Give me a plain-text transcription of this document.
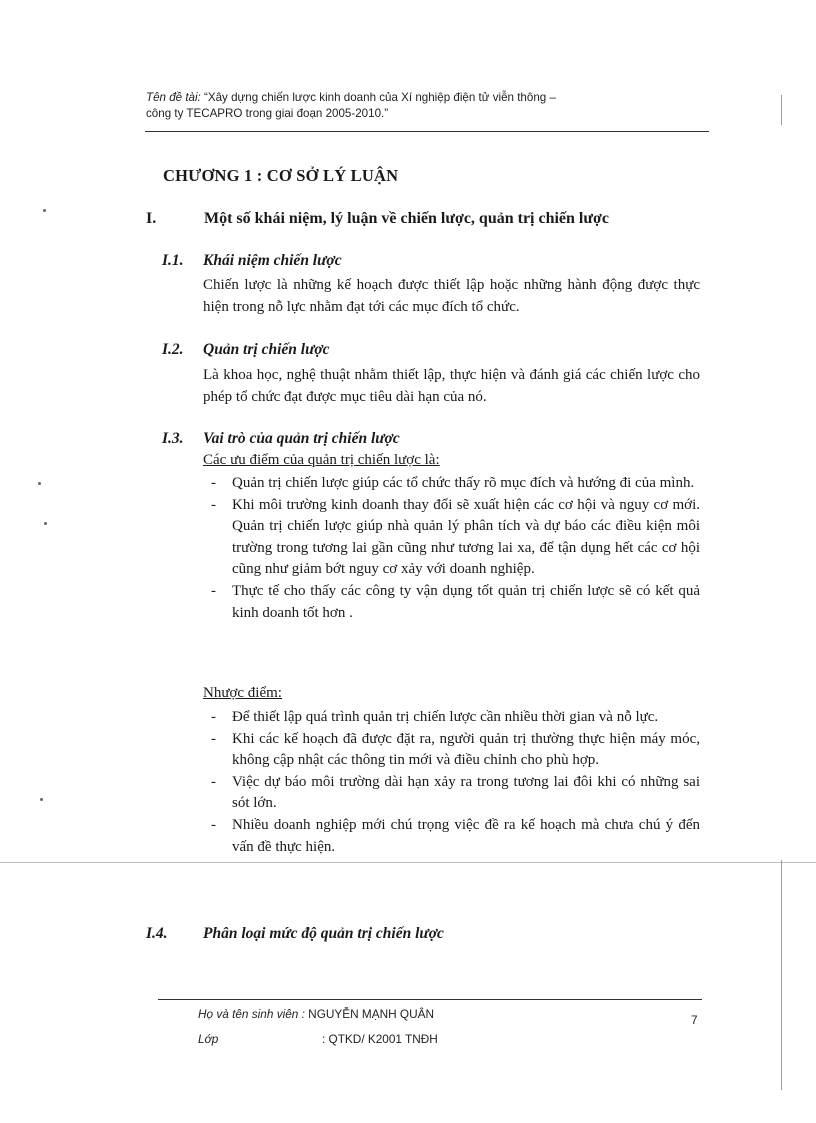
Tên đề tài: “Xây dựng chiến lược kinh doanh của Xí nghiệp điện tử viễn thông –
công ty TECAPRO trong giai đoạn 2005-2010.”
CHƯƠNG 1 : CƠ SỞ LÝ LUẬN
I.	Một số khái niệm, lý luận về chiến lược, quản trị chiến lược
I.1. Khái niệm chiến lược

Chiến lược là những kế hoạch được thiết lập hoặc những hành động được thực hiện trong nỗ lực nhằm đạt tới các mục đích tổ chức.

I.2. Quản trị chiến lược

Là khoa học, nghệ thuật nhằm thiết lập, thực hiện và đánh giá các chiến lược cho phép tổ chức đạt được mục tiêu dài hạn của nó.

I.3. Vai trò của quản trị chiến lược
Các ưu điểm của quản trị chiến lược là:
- Quản trị chiến lược giúp các tổ chức thấy rõ mục đích và hướng đi của mình.
- Khi môi trường kinh doanh thay đổi sẽ xuất hiện các cơ hội và nguy cơ mới. Quản trị chiến lược giúp nhà quản lý phân tích và dự báo các điều kiện môi trường trong tương lai gần cũng như tương lai xa, để tận dụng hết các cơ hội cũng như giảm bớt nguy cơ xảy với doanh nghiệp.
- Thực tế cho thấy các công ty vận dụng tốt quản trị chiến lược sẽ có kết quả kinh doanh tốt hơn .
Nhược điểm:
- Để thiết lập quá trình quản trị chiến lược cần nhiều thời gian và nỗ lực.
- Khi các kế hoạch đã được đặt ra, người quản trị thường thực hiện máy móc, không cập nhật các thông tin mới và điều chỉnh cho phù hợp.
- Việc dự báo môi trường dài hạn xảy ra trong tương lai đôi khi có những sai sót lớn.
- Nhiều doanh nghiệp mới chú trọng việc đề ra kế hoạch mà chưa chú ý đến vấn đề thực hiện.
I.4. Phân loại mức độ quản trị chiến lược
Họ và tên sinh viên : NGUYỄN MẠNH QUÂN
Lớp	: QTKD/ K2001 TNĐH
7
